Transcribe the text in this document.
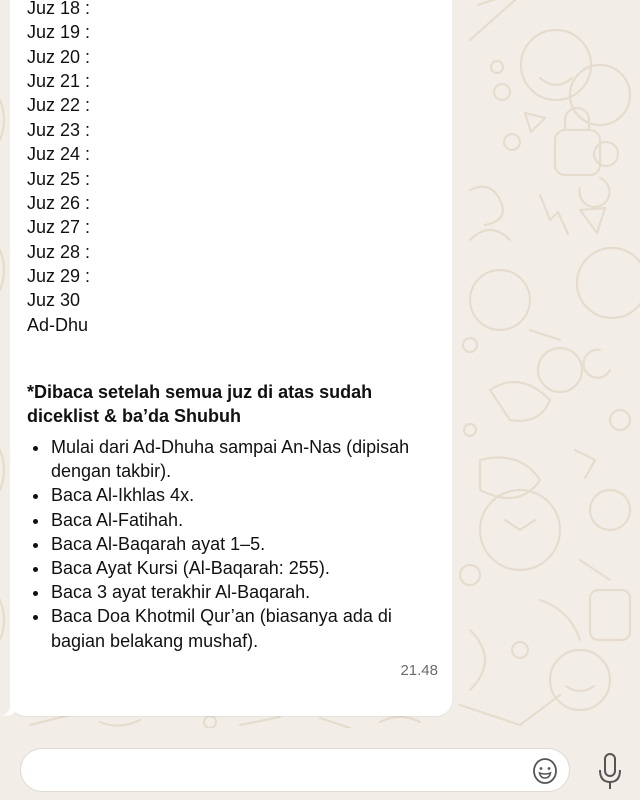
Juz 18 :
Juz 19 :
Juz 20 :
Juz 21 :
Juz 22 :
Juz 23 :
Juz 24 :
Juz 25 :
Juz 26 :
Juz 27 :
Juz 28 :
Juz 29 :
Juz 30
Ad-Dhu
*Dibaca setelah semua juz di atas sudah diceklist & ba’da Shubuh
Mulai dari Ad-Dhuha sampai An-Nas (dipisah dengan takbir).
Baca Al-Ikhlas 4x.
Baca Al-Fatihah.
Baca Al-Baqarah ayat 1–5.
Baca Ayat Kursi (Al-Baqarah: 255).
Baca 3 ayat terakhir Al-Baqarah.
Baca Doa Khotmil Qur’an (biasanya ada di bagian belakang mushaf).
21.48
